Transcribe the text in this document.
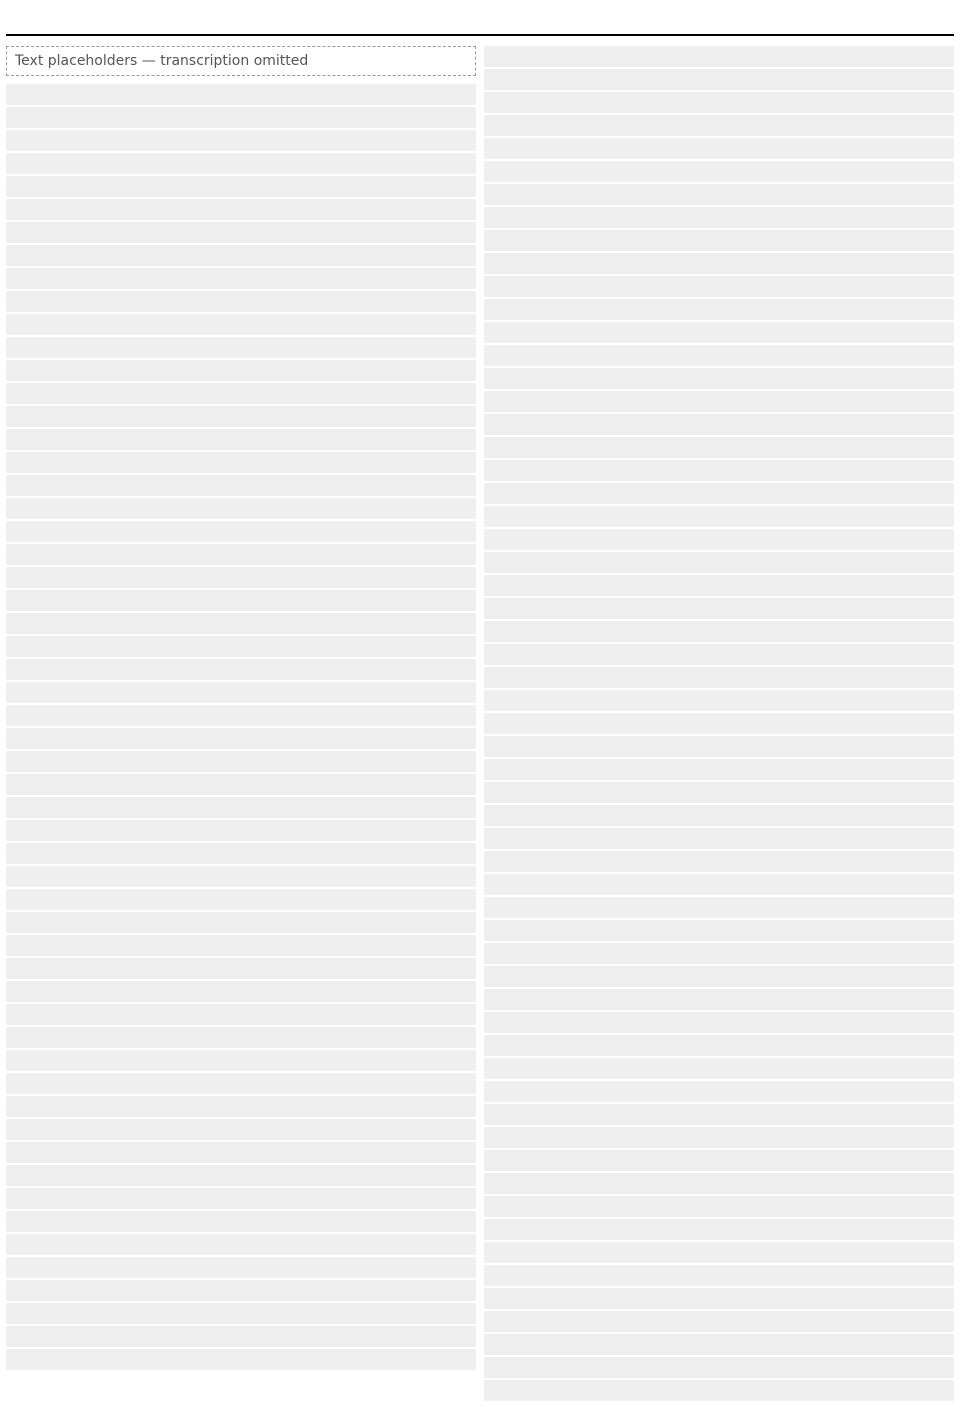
Text placeholders — transcription omitted
